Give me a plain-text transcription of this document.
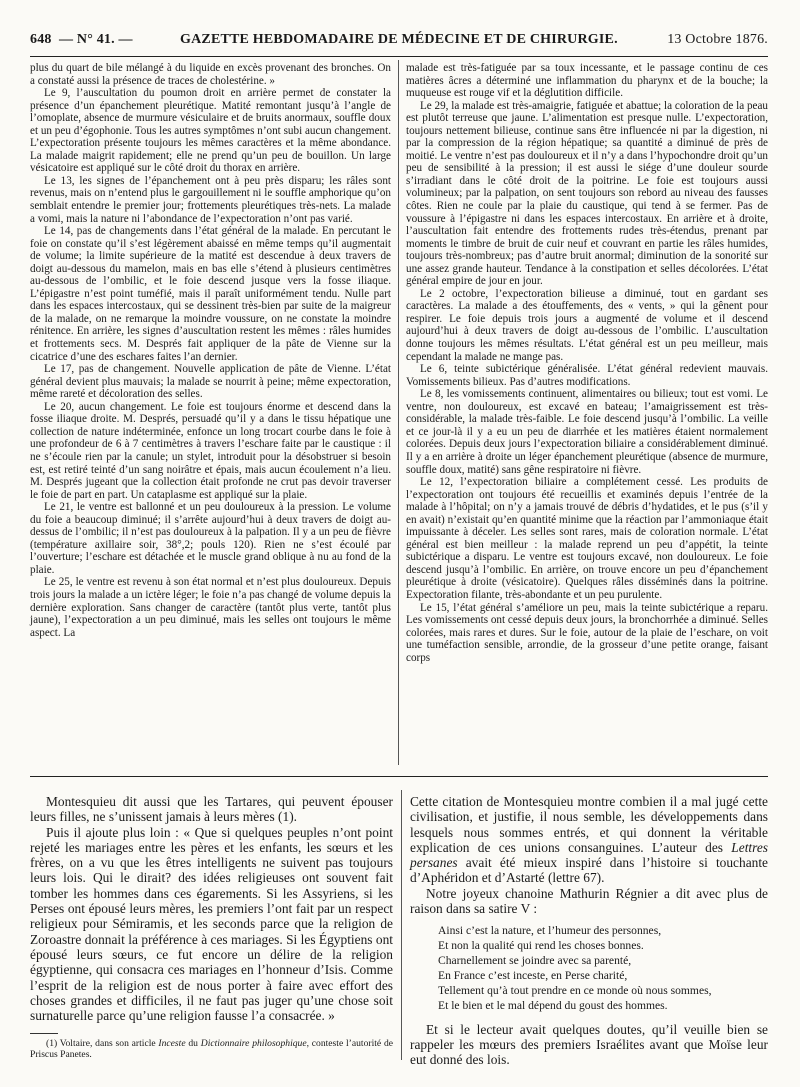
648 — N° 41. —	GAZETTE HEBDOMADAIRE DE MÉDECINE ET DE CHIRURGIE.	13 Octobre 1876.

plus du quart de bile mélangé à du liquide en excès provenant des bronches. On a constaté aussi la présence de traces de cholestérine. »

Le 9, l’auscultation du poumon droit en arrière permet de constater la présence d’un épanchement pleurétique. Matité remontant jusqu’à l’angle de l’omoplate, absence de murmure vésiculaire et de bruits anormaux, souffle doux et un peu d’égophonie. Tous les autres symptômes n’ont subi aucun changement. L’expectoration présente toujours les mêmes caractères et la même abondance. La malade maigrit rapidement; elle ne prend qu’un peu de bouillon. Un large vésicatoire est appliqué sur le côté droit du thorax en arrière.

Le 13, les signes de l’épanchement ont à peu près disparu; les râles sont revenus, mais on n’entend plus le gargouillement ni le souffle amphorique qu’on semblait entendre le premier jour; frottements pleurétiques très-nets. La malade a vomi, mais la nature ni l’abondance de l’expectoration n’ont pas varié.

Le 14, pas de changements dans l’état général de la malade. En percutant le foie on constate qu’il s’est légèrement abaissé en même temps qu’il augmentait de volume; la limite supérieure de la matité est descendue à deux travers de doigt au-dessous du mamelon, mais en bas elle s’étend à plusieurs centimètres au-dessous de l’ombilic, et le foie descend jusque vers la fosse iliaque. L’épigastre n’est point tuméfié, mais il paraît uniformément tendu. Nulle part dans les espaces intercostaux, qui se dessinent très-bien par suite de la maigreur de la malade, on ne remarque la moindre voussure, on ne constate la moindre rénitence. En arrière, les signes d’auscultation restent les mêmes : râles humides et frottements secs. M. Després fait appliquer de la pâte de Vienne sur la cicatrice d’une des eschares faites l’an dernier.

Le 17, pas de changement. Nouvelle application de pâte de Vienne. L’état général devient plus mauvais; la malade se nourrit à peine; même expectoration, même rareté et décoloration des selles.

Le 20, aucun changement. Le foie est toujours énorme et descend dans la fosse iliaque droite. M. Després, persuadé qu’il y a dans le tissu hépatique une collection de nature indéterminée, enfonce un long trocart courbe dans le foie à une profondeur de 6 à 7 centimètres à travers l’eschare faite par le caustique : il ne s’écoule rien par la canule; un stylet, introduit pour la désobstruer si besoin est, est retiré teinté d’un sang noirâtre et épais, mais aucun écoulement n’a lieu. M. Després jugeant que la collection était profonde ne crut pas devoir traverser le foie de part en part. Un cataplasme est appliqué sur la plaie.

Le 21, le ventre est ballonné et un peu douloureux à la pression. Le volume du foie a beaucoup diminué; il s’arrête aujourd’hui à deux travers de doigt au-dessus de l’ombilic; il n’est pas douloureux à la palpation. Il y a un peu de fièvre (température axillaire soir, 38°,2; pouls 120). Rien ne s’est écoulé par l’ouverture; l’eschare est détachée et le muscle grand oblique à nu au fond de la plaie.

Le 25, le ventre est revenu à son état normal et n’est plus douloureux. Depuis trois jours la malade a un ictère léger; le foie n’a pas changé de volume depuis la dernière exploration. Sans changer de caractère (tantôt plus verte, tantôt plus jaune), l’expectoration a un peu diminué, mais les selles ont toujours le même aspect. La

malade est très-fatiguée par sa toux incessante, et le passage continu de ces matières âcres a déterminé une inflammation du pharynx et de la bouche; la muqueuse est rouge vif et la déglutition difficile.

Le 29, la malade est très-amaigrie, fatiguée et abattue; la coloration de la peau est plutôt terreuse que jaune. L’alimentation est presque nulle. L’expectoration, toujours nettement bilieuse, continue sans être influencée ni par la digestion, ni par la compression de la région hépatique; sa quantité a diminué de près de moitié. Le ventre n’est pas douloureux et il n’y a dans l’hypochondre droit qu’un peu de sensibilité à la pression; il est aussi le siége d’une douleur sourde s’irradiant dans le côté droit de la poitrine. Le foie est toujours aussi volumineux; par la palpation, on sent toujours son rebord au niveau des fausses côtes. Rien ne coule par la plaie du caustique, qui tend à se fermer. Pas de voussure à l’épigastre ni dans les espaces intercostaux. En arrière et à droite, l’auscultation fait entendre des frottements rudes très-étendus, prenant par moments le timbre de bruit de cuir neuf et couvrant en partie les râles humides, toujours très-nombreux; pas d’autre bruit anormal; diminution de la sonorité sur une assez grande hauteur. Tendance à la constipation et selles décolorées. L’état général empire de jour en jour.

Le 2 octobre, l’expectoration bilieuse a diminué, tout en gardant ses caractères. La malade a des étouffements, des « vents, » qui la gênent pour respirer. Le foie depuis trois jours a augmenté de volume et il descend aujourd’hui à deux travers de doigt au-dessous de l’ombilic. L’auscultation donne toujours les mêmes résultats. L’état général est un peu meilleur, mais cependant la malade ne mange pas.

Le 6, teinte subictérique généralisée. L’état général redevient mauvais. Vomissements bilieux. Pas d’autres modifications.

Le 8, les vomissements continuent, alimentaires ou bilieux; tout est vomi. Le ventre, non douloureux, est excavé en bateau; l’amaigrissement est très-considérable, la malade très-faible. Le foie descend jusqu’à l’ombilic. La veille et ce jour-là il y a eu un peu de diarrhée et les matières étaient normalement colorées. Depuis deux jours l’expectoration biliaire a considérablement diminué. Il y a en arrière à droite un léger épanchement pleurétique (absence de murmure, souffle doux, matité) sans gêne respiratoire ni fièvre.

Le 12, l’expectoration biliaire a complétement cessé. Les produits de l’expectoration ont toujours été recueillis et examinés depuis l’entrée de la malade à l’hôpital; on n’y a jamais trouvé de débris d’hydatides, et le pus (s’il y en avait) n’existait qu’en quantité minime que la réaction par l’ammoniaque était impuissante à déceler. Les selles sont rares, mais de coloration normale. L’état général est bien meilleur : la malade reprend un peu d’appétit, la teinte subictérique a disparu. Le ventre est toujours excavé, non douloureux. Le foie descend jusqu’à l’ombilic. En arrière, on trouve encore un peu d’épanchement pleurétique à droite (vésicatoire). Quelques râles disséminés dans la poitrine. Expectoration filante, très-abondante et un peu purulente.

Le 15, l’état général s’améliore un peu, mais la teinte subictérique a reparu. Les vomissements ont cessé depuis deux jours, la bronchorrhée a diminué. Selles colorées, mais rares et dures. Sur le foie, autour de la plaie de l’eschare, on voit une tuméfaction sensible, arrondie, de la grosseur d’une petite orange, faisant corps

Montesquieu dit aussi que les Tartares, qui peuvent épouser leurs filles, ne s’unissent jamais à leurs mères (1).

Puis il ajoute plus loin : « Que si quelques peuples n’ont point rejeté les mariages entre les pères et les enfants, les sœurs et les frères, on a vu que les êtres intelligents ne suivent pas toujours leurs lois. Qui le dirait? des idées religieuses ont souvent fait tomber les hommes dans ces égarements. Si les Assyriens, si les Perses ont épousé leurs mères, les premiers l’ont fait par un respect religieux pour Sémiramis, et les seconds parce que la religion de Zoroastre donnait la préférence à ces mariages. Si les Égyptiens ont épousé leurs sœurs, ce fut encore un délire de la religion égyptienne, qui consacra ces mariages en l’honneur d’Isis. Comme l’esprit de la religion est de nous porter à faire avec effort des choses grandes et difficiles, il ne faut pas juger qu’une chose soit surnaturelle parce qu’une religion fausse l’a consacrée. »

(1) Voltaire, dans son article Inceste du Dictionnaire philosophique, conteste l’autorité de Priscus Panetes.

Cette citation de Montesquieu montre combien il a mal jugé cette civilisation, et justifie, il nous semble, les développements dans lesquels nous sommes entrés, et qui donnent la véritable explication de ces unions consanguines. L’auteur des Lettres persanes avait été mieux inspiré dans l’histoire si touchante d’Aphéridon et d’Astarté (lettre 67).

Notre joyeux chanoine Mathurin Régnier a dit avec plus de raison dans sa satire V :

Ainsi c’est la nature, et l’humeur des personnes,
Et non la qualité qui rend les choses bonnes.
Charnellement se joindre avec sa parenté,
En France c’est inceste, en Perse charité,
Tellement qu’à tout prendre en ce monde où nous sommes,
Et le bien et le mal dépend du goust des hommes.

Et si le lecteur avait quelques doutes, qu’il veuille bien se rappeler les mœurs des premiers Israélites avant que Moïse leur eut donné des lois.
